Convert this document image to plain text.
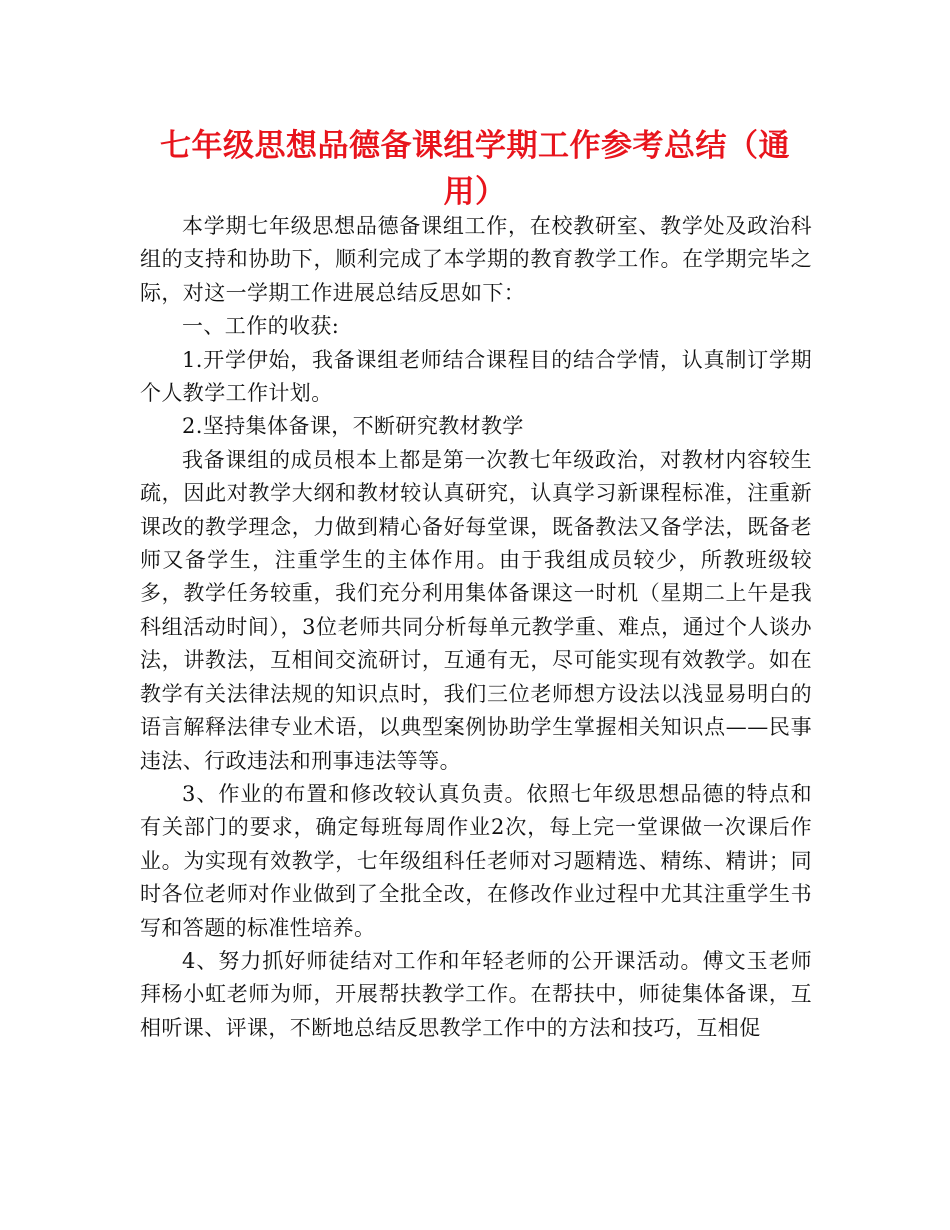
七年级思想品德备课组学期工作参考总结（通用）

本学期七年级思想品德备课组工作，在校教研室、教学处及政治科组的支持和协助下，顺利完成了本学期的教育教学工作。在学期完毕之际，对这一学期工作进展总结反思如下：

一、工作的收获:

1.开学伊始，我备课组老师结合课程目的结合学情，认真制订学期个人教学工作计划。

2.坚持集体备课，不断研究教材教学

我备课组的成员根本上都是第一次教七年级政治，对教材内容较生疏，因此对教学大纲和教材较认真研究，认真学习新课程标准，注重新课改的教学理念，力做到精心备好每堂课，既备教法又备学法，既备老师又备学生，注重学生的主体作用。由于我组成员较少，所教班级较多，教学任务较重，我们充分利用集体备课这一时机（星期二上午是我科组活动时间），3位老师共同分析每单元教学重、难点，通过个人谈办法，讲教法，互相间交流研讨，互通有无，尽可能实现有效教学。如在教学有关法律法规的知识点时，我们三位老师想方设法以浅显易明白的语言解释法律专业术语，以典型案例协助学生掌握相关知识点——民事违法、行政违法和刑事违法等等。

3、作业的布置和修改较认真负责。依照七年级思想品德的特点和有关部门的要求，确定每班每周作业2次，每上完一堂课做一次课后作业。为实现有效教学，七年级组科任老师对习题精选、精练、精讲；同时各位老师对作业做到了全批全改，在修改作业过程中尤其注重学生书写和答题的标准性培养。

4、努力抓好师徒结对工作和年轻老师的公开课活动。傅文玉老师拜杨小虹老师为师，开展帮扶教学工作。在帮扶中，师徒集体备课，互相听课、评课，不断地总结反思教学工作中的方法和技巧，互相促
